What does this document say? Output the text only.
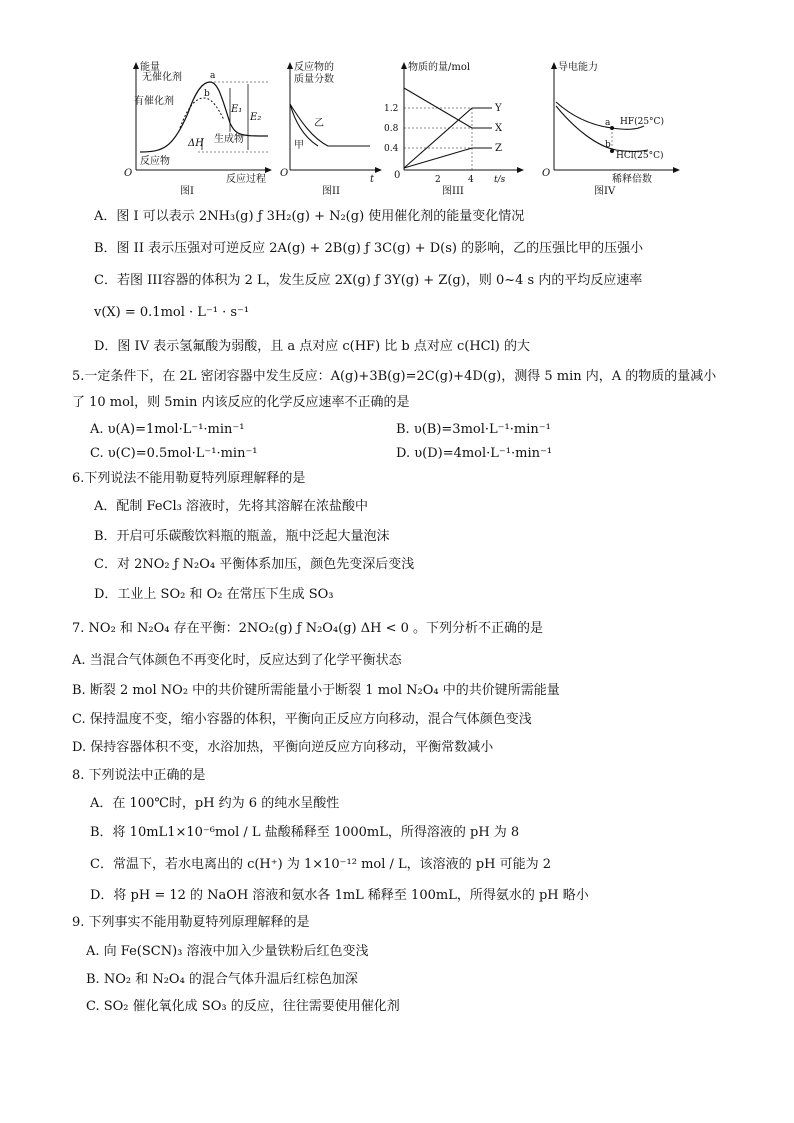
能量
O
反应过程
无催化剂
有催化剂
a
b
E₁
E₂
ΔH 生成物
反应物
图I
反应物的
质量分数
O
t
乙
甲
图II
物质的量/mol
0
1.2
0.8
0.4
2	4 t/s
Y
X
Z
图III
导电能力
O
稀释倍数
a
b
HF(25°C)
HCl(25°C)
图IV
A．图 I 可以表示 2NH₃(g) ƒ 3H₂(g) + N₂(g) 使用催化剂的能量变化情况
B．图 II 表示压强对可逆反应 2A(g) + 2B(g) ƒ 3C(g) + D(s) 的影响，乙的压强比甲的压强小
C．若图 III容器的体积为 2 L，发生反应 2X(g) ƒ 3Y(g) + Z(g)，则 0~4 s 内的平均反应速率
v(X) = 0.1mol · L⁻¹ · s⁻¹
D．图 IV 表示氢氟酸为弱酸，且 a 点对应 c(HF) 比 b 点对应 c(HCl) 的大
5.一定条件下，在 2L 密闭容器中发生反应：A(g)+3B(g)=2C(g)+4D(g)，测得 5 min 内，A 的物质的量减小
了 10 mol，则 5min 内该反应的化学反应速率不正确的是
A. υ(A)=1mol·L⁻¹·min⁻¹	B. υ(B)=3mol·L⁻¹·min⁻¹
C. υ(C)=0.5mol·L⁻¹·min⁻¹	D. υ(D)=4mol·L⁻¹·min⁻¹
6.下列说法不能用勒夏特列原理解释的是
A．配制 FeCl₃ 溶液时，先将其溶解在浓盐酸中
B．开启可乐碳酸饮料瓶的瓶盖，瓶中泛起大量泡沫
C．对 2NO₂ ƒ N₂O₄ 平衡体系加压，颜色先变深后变浅
D．工业上 SO₂ 和 O₂ 在常压下生成 SO₃
7. NO₂ 和 N₂O₄ 存在平衡：2NO₂(g) ƒ N₂O₄(g) ΔH < 0 。下列分析不正确的是
A. 当混合气体颜色不再变化时，反应达到了化学平衡状态
B. 断裂 2 mol NO₂ 中的共价键所需能量小于断裂 1 mol N₂O₄ 中的共价键所需能量
C. 保持温度不变，缩小容器的体积，平衡向正反应方向移动，混合气体颜色变浅
D. 保持容器体积不变，水浴加热，平衡向逆反应方向移动，平衡常数减小
8. 下列说法中正确的是
A．在 100℃时，pH 约为 6 的纯水呈酸性
B．将 10mL1×10⁻⁶mol / L 盐酸稀释至 1000mL，所得溶液的 pH 为 8
C．常温下，若水电离出的 c(H⁺) 为 1×10⁻¹² mol / L，该溶液的 pH 可能为 2
D．将 pH = 12 的 NaOH 溶液和氨水各 1mL 稀释至 100mL，所得氨水的 pH 略小
9. 下列事实不能用勒夏特列原理解释的是
A. 向 Fe(SCN)₃ 溶液中加入少量铁粉后红色变浅
B. NO₂ 和 N₂O₄ 的混合气体升温后红棕色加深
C. SO₂ 催化氧化成 SO₃ 的反应，往往需要使用催化剂
